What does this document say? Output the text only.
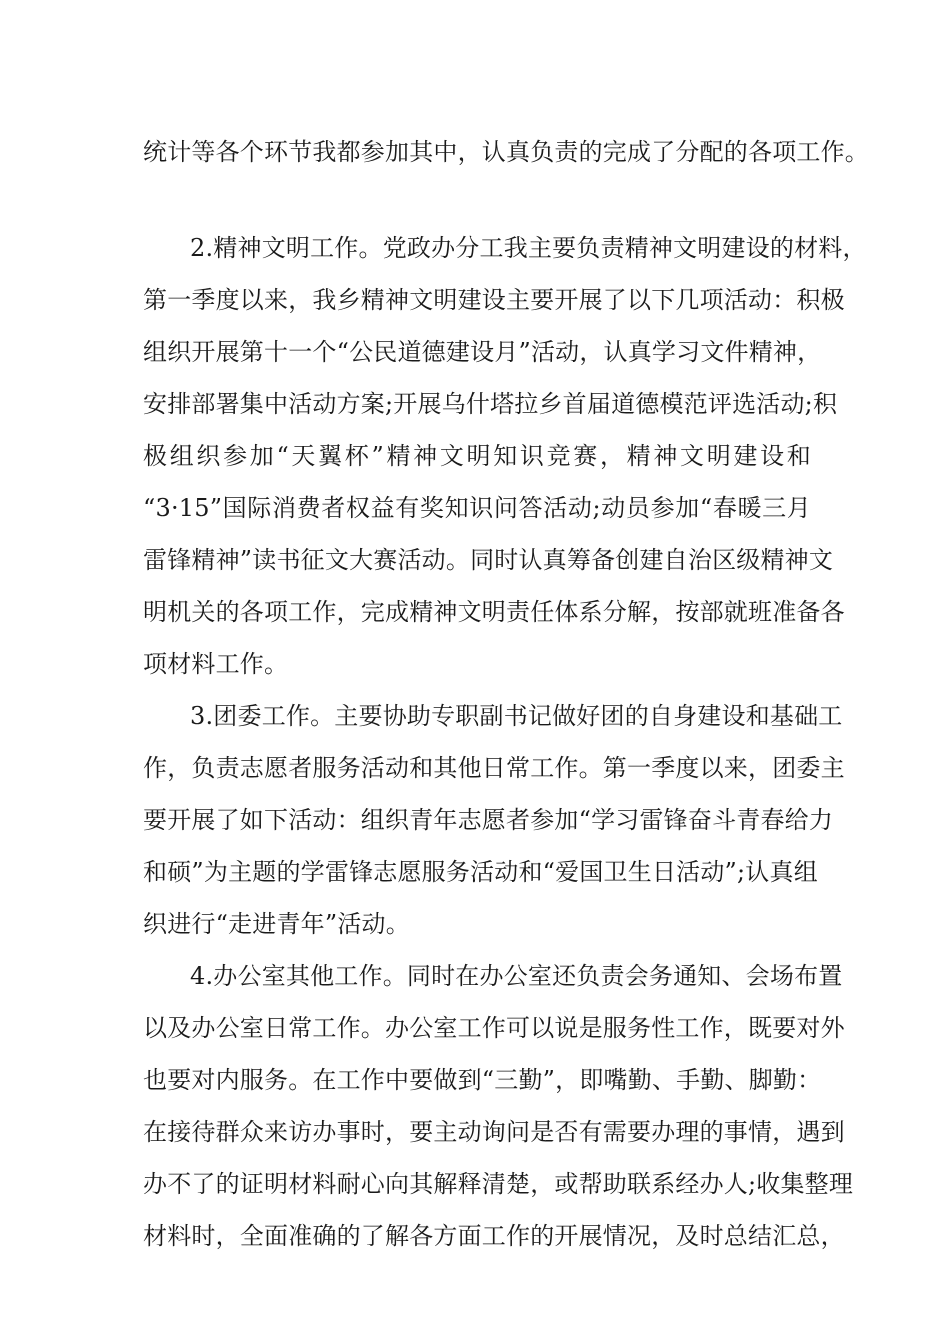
统计等各个环节我都参加其中，认真负责的完成了分配的各项工作。
2.精神文明工作。党政办分工我主要负责精神文明建设的材料，
第一季度以来，我乡精神文明建设主要开展了以下几项活动：积极
组织开展第十一个“公民道德建设月”活动，认真学习文件精神，
安排部署集中活动方案;开展乌什塔拉乡首届道德模范评选活动;积
极组织参加“天翼杯”精神文明知识竞赛，精神文明建设和
“3·15”国际消费者权益有奖知识问答活动;动员参加“春暖三月
雷锋精神”读书征文大赛活动。同时认真筹备创建自治区级精神文
明机关的各项工作，完成精神文明责任体系分解，按部就班准备各
项材料工作。
3.团委工作。主要协助专职副书记做好团的自身建设和基础工
作，负责志愿者服务活动和其他日常工作。第一季度以来，团委主
要开展了如下活动：组织青年志愿者参加“学习雷锋奋斗青春给力
和硕”为主题的学雷锋志愿服务活动和“爱国卫生日活动”;认真组
织进行“走进青年”活动。
4.办公室其他工作。同时在办公室还负责会务通知、会场布置
以及办公室日常工作。办公室工作可以说是服务性工作，既要对外
也要对内服务。在工作中要做到“三勤”，即嘴勤、手勤、脚勤：
在接待群众来访办事时，要主动询问是否有需要办理的事情，遇到
办不了的证明材料耐心向其解释清楚，或帮助联系经办人;收集整理
材料时，全面准确的了解各方面工作的开展情况，及时总结汇总，
